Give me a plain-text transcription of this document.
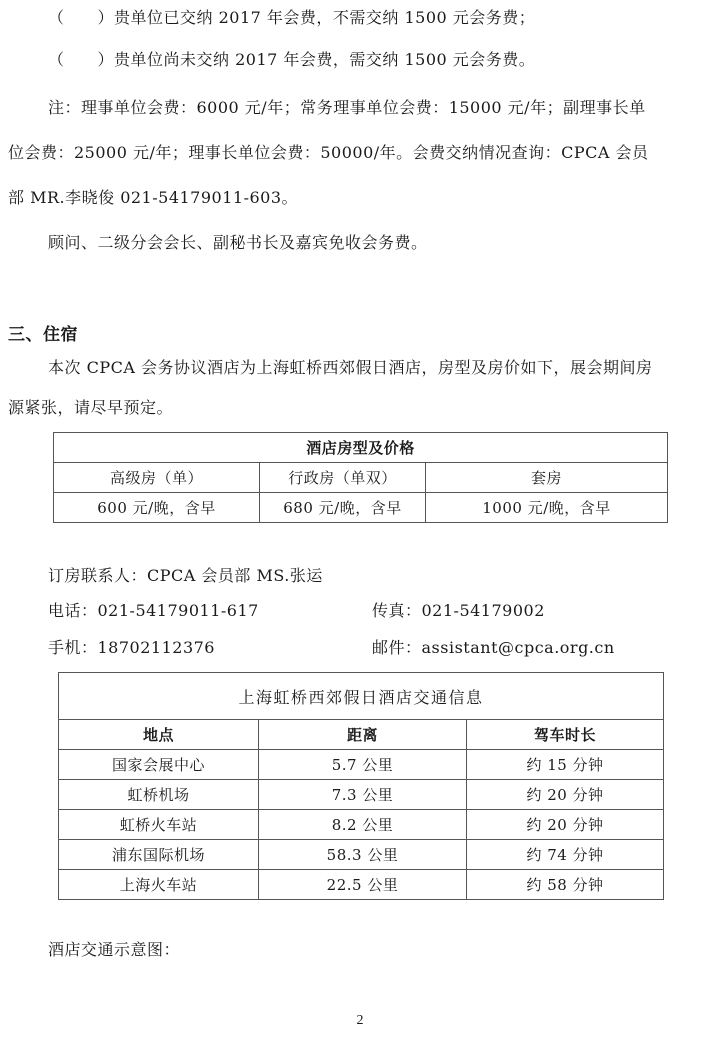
（　　）贵单位已交纳 2017 年会费，不需交纳 1500 元会务费；
（　　）贵单位尚未交纳 2017 年会费，需交纳 1500 元会务费。
注：理事单位会费：6000 元/年；常务理事单位会费：15000 元/年；副理事长单
位会费：25000 元/年；理事长单位会费：50000/年。会费交纳情况查询：CPCA 会员
部 MR.李晓俊 021-54179011-603。
顾问、二级分会会长、副秘书长及嘉宾免收会务费。
三、住宿
本次 CPCA 会务协议酒店为上海虹桥西郊假日酒店，房型及房价如下，展会期间房
源紧张，请尽早预定。
酒店房型及价格		
高级房（单）	行政房（单双）	套房
600 元/晚，含早	680 元/晚，含早	1000 元/晚，含早
订房联系人：CPCA 会员部 MS.张运
电话：021-54179011-617	传真：021-54179002
手机：18702112376	邮件：assistant@cpca.org.cn
上海虹桥西郊假日酒店交通信息		
地点	距离	驾车时长
国家会展中心	5.7 公里	约 15 分钟
虹桥机场	7.3 公里	约 20 分钟
虹桥火车站	8.2 公里	约 20 分钟
浦东国际机场	58.3 公里	约 74 分钟
上海火车站	22.5 公里	约 58 分钟
酒店交通示意图：
2
